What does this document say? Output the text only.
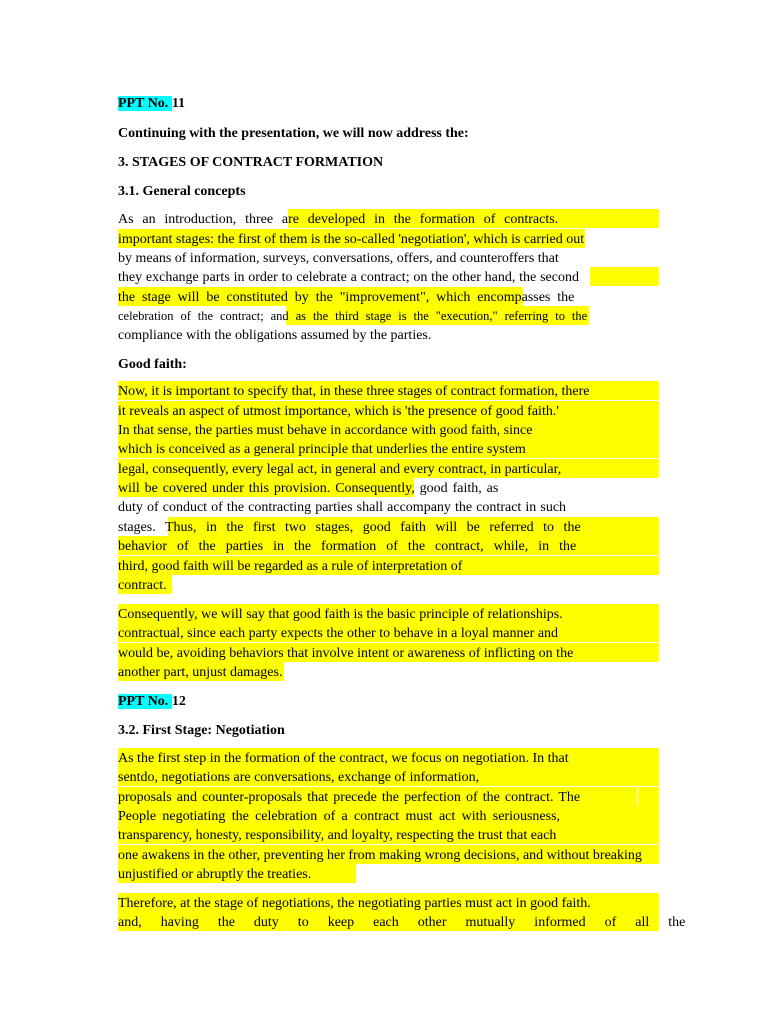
PPT No. 11
Continuing with the presentation, we will now address the:
3. STAGES OF CONTRACT FORMATION
3.1. General concepts
As an introduction, three are developed in the formation of contracts.
important stages: the first of them is the so-called 'negotiation', which is carried out
by means of information, surveys, conversations, offers, and counteroffers that
they exchange parts in order to celebrate a contract; on the other hand, the second
the stage will be constituted by the "improvement", which encompasses the
celebration of the contract; and as the third stage is the "execution," referring to the
compliance with the obligations assumed by the parties.
Good faith:
Now, it is important to specify that, in these three stages of contract formation, there
it reveals an aspect of utmost importance, which is 'the presence of good faith.'
In that sense, the parties must behave in accordance with good faith, since
which is conceived as a general principle that underlies the entire system
legal, consequently, every legal act, in general and every contract, in particular,
will be covered under this provision. Consequently, good faith, as
duty of conduct of the contracting parties shall accompany the contract in such
stages. Thus, in the first two stages, good faith will be referred to the
behavior of the parties in the formation of the contract, while, in the
third, good faith will be regarded as a rule of interpretation of
contract.
Consequently, we will say that good faith is the basic principle of relationships.
contractual, since each party expects the other to behave in a loyal manner and
would be, avoiding behaviors that involve intent or awareness of inflicting on the
another part, unjust damages.
PPT No. 12
3.2. First Stage: Negotiation
As the first step in the formation of the contract, we focus on negotiation. In that
sentdo, negotiations are conversations, exchange of information,
proposals and counter-proposals that precede the perfection of the contract. The
People negotiating the celebration of a contract must act with seriousness,
transparency, honesty, responsibility, and loyalty, respecting the trust that each
one awakens in the other, preventing her from making wrong decisions, and without breaking
unjustified or abruptly the treaties.
Therefore, at the stage of negotiations, the negotiating parties must act in good faith.
and, having the duty to keep each other mutually informed of all the
